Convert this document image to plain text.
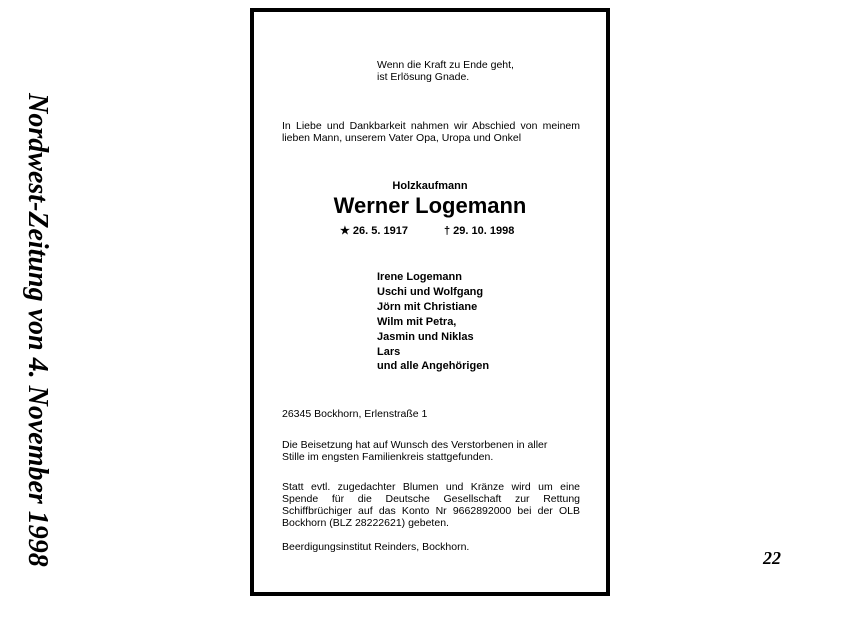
Nordwest-Zeitung von 4. November 1998
Wenn die Kraft zu Ende geht,
ist Erlösung Gnade.
In Liebe und Dankbarkeit nahmen wir Abschied von meinem lieben Mann, unserem Vater Opa, Uropa und Onkel
Holzkaufmann
Werner Logemann
★ 26. 5. 1917	† 29. 10. 1998
Irene Logemann
Uschi und Wolfgang
Jörn mit Christiane
Wilm mit Petra,
Jasmin und Niklas
Lars
und alle Angehörigen
26345 Bockhorn, Erlenstraße 1
Die Beisetzung hat auf Wunsch des Verstorbenen in aller
Stille im engsten Familienkreis stattgefunden.
Statt evtl. zugedachter Blumen und Kränze wird um eine Spende für die Deutsche Gesellschaft zur Rettung Schiffbrüchiger auf das Konto Nr 9662892000 bei der OLB Bockhorn (BLZ 28222621) gebeten.
Beerdigungsinstitut Reinders, Bockhorn.
22
